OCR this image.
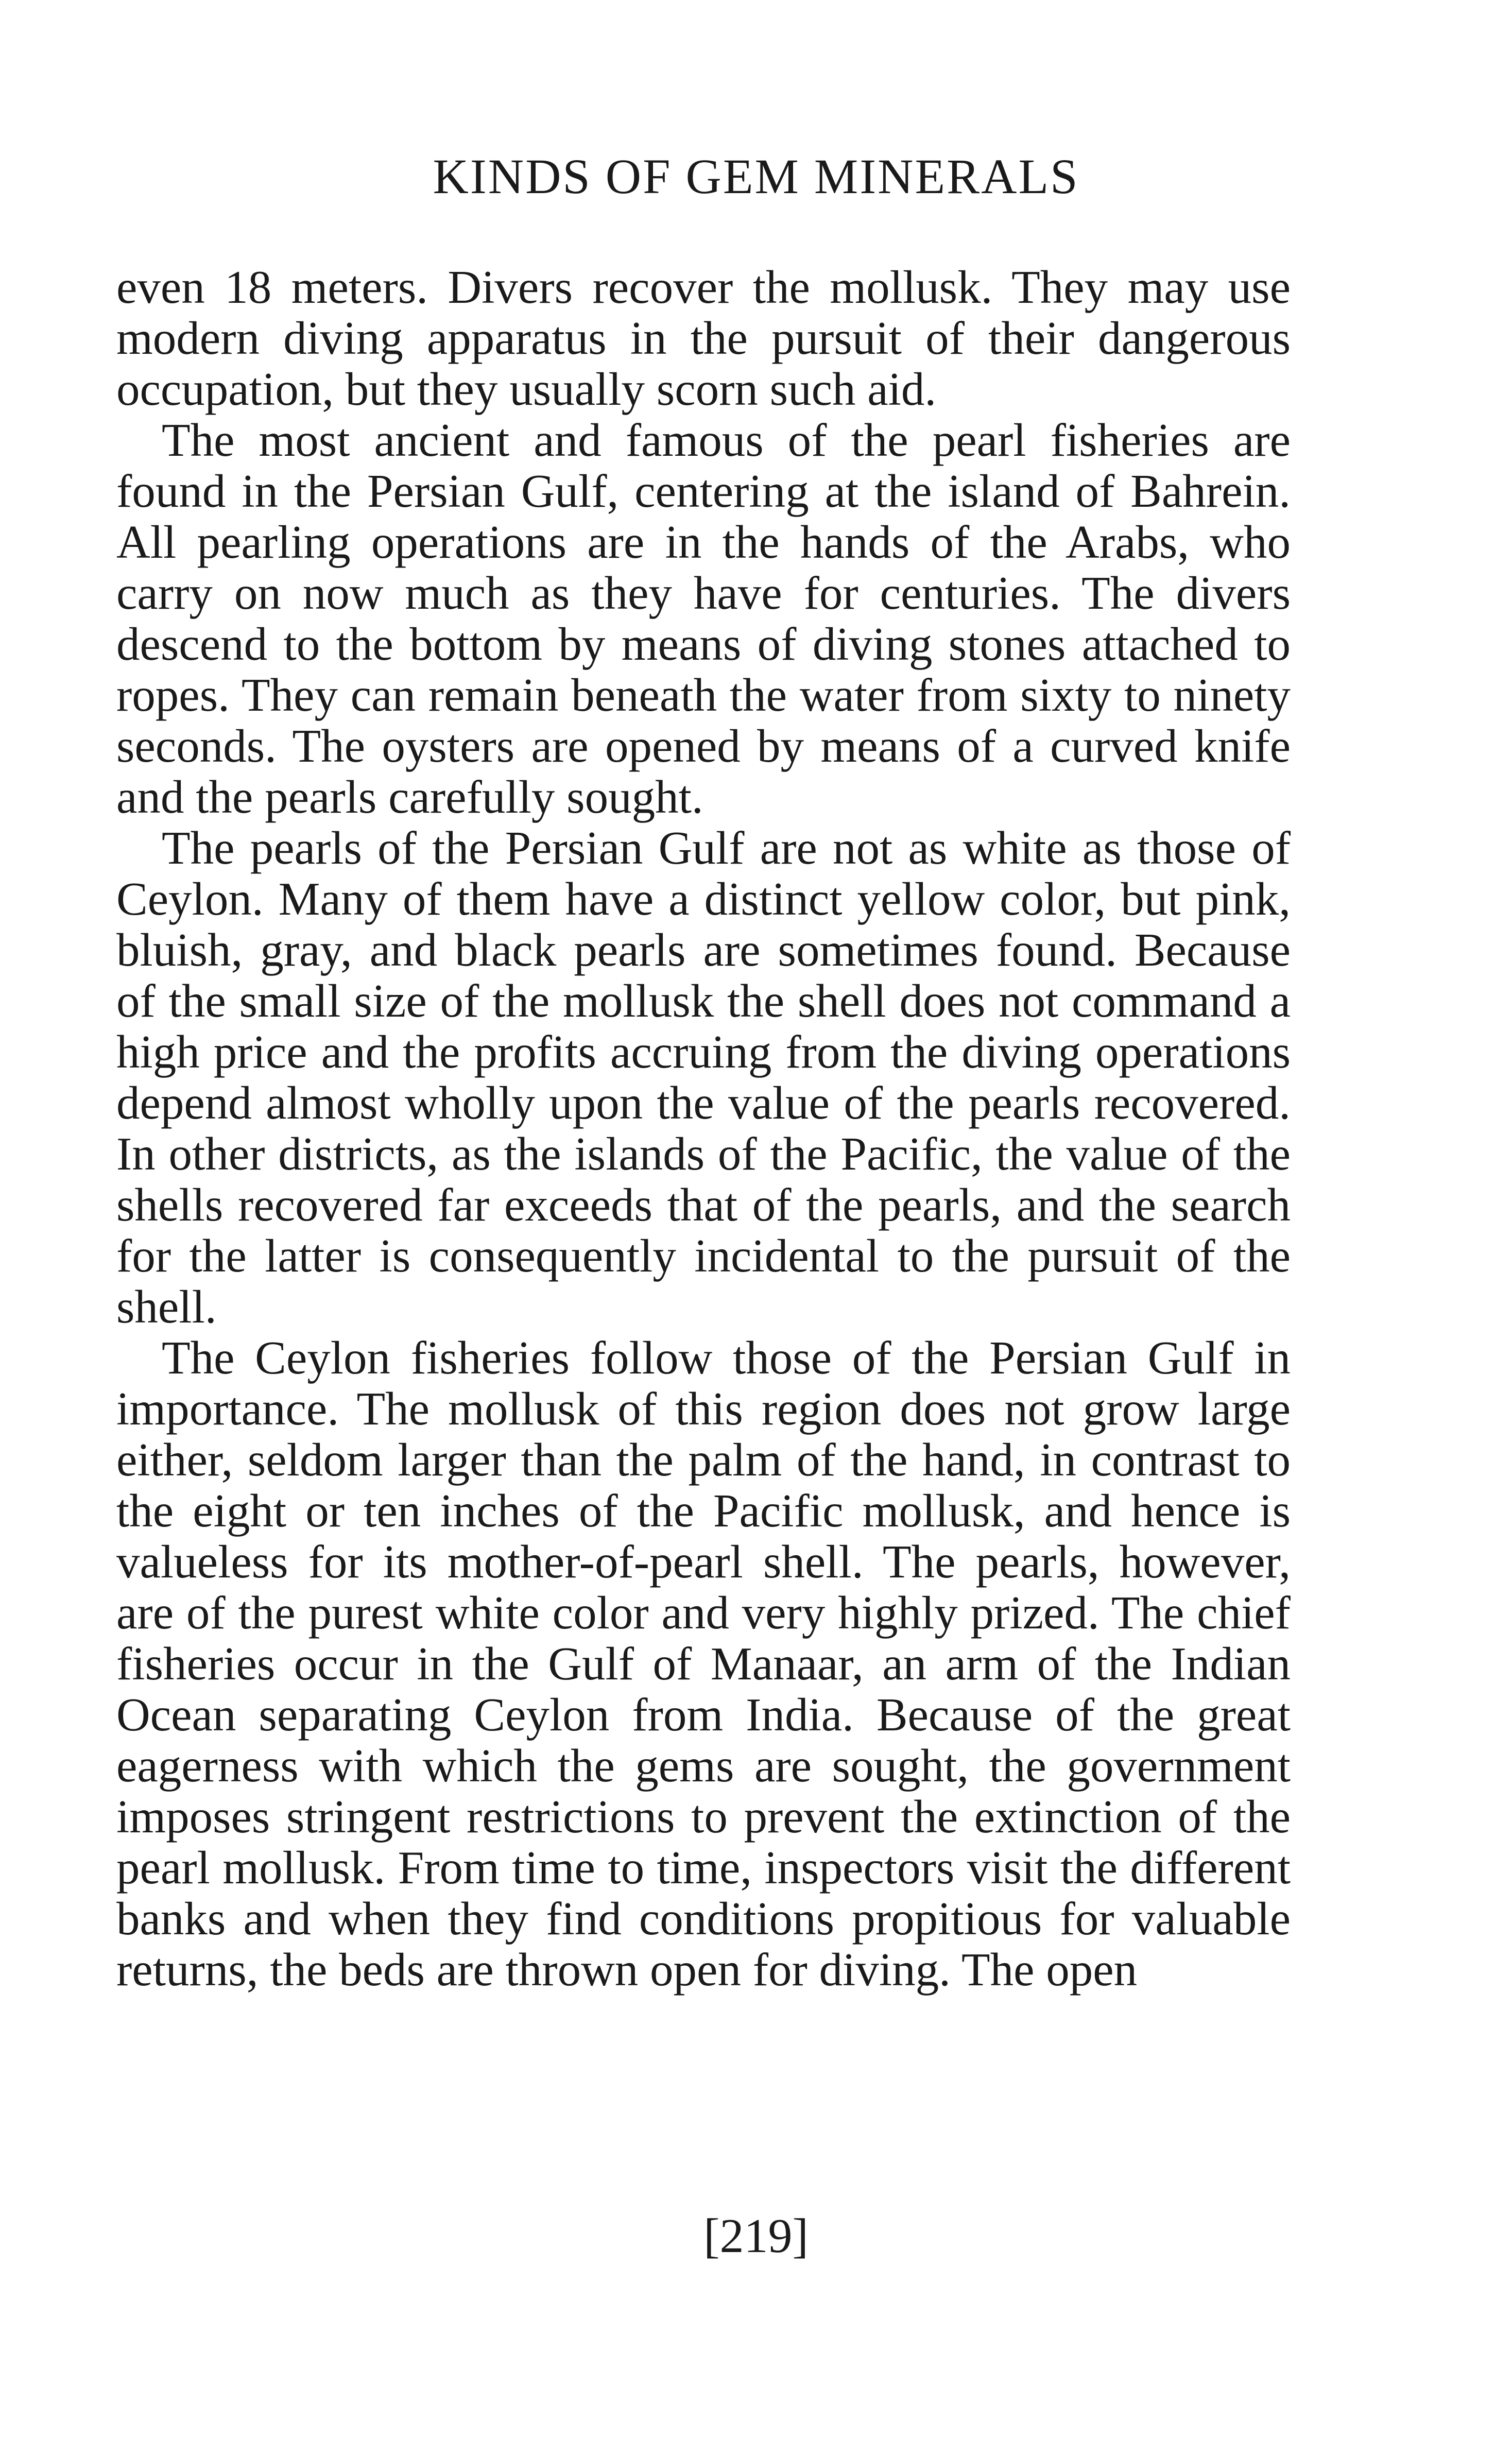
KINDS OF GEM MINERALS

even 18 meters. Divers recover the mollusk. They may use modern diving apparatus in the pursuit of their dangerous occupation, but they usually scorn such aid.

The most ancient and famous of the pearl fisheries are found in the Persian Gulf, centering at the island of Bahrein. All pearling operations are in the hands of the Arabs, who carry on now much as they have for centuries. The divers descend to the bottom by means of diving stones attached to ropes. They can remain beneath the water from sixty to ninety seconds. The oysters are opened by means of a curved knife and the pearls carefully sought.

The pearls of the Persian Gulf are not as white as those of Ceylon. Many of them have a distinct yellow color, but pink, bluish, gray, and black pearls are sometimes found. Because of the small size of the mollusk the shell does not command a high price and the profits accruing from the diving operations depend almost wholly upon the value of the pearls recovered. In other districts, as the islands of the Pacific, the value of the shells recovered far exceeds that of the pearls, and the search for the latter is consequently incidental to the pursuit of the shell.

The Ceylon fisheries follow those of the Persian Gulf in importance. The mollusk of this region does not grow large either, seldom larger than the palm of the hand, in contrast to the eight or ten inches of the Pacific mollusk, and hence is valueless for its mother-of-pearl shell. The pearls, however, are of the purest white color and very highly prized. The chief fisheries occur in the Gulf of Manaar, an arm of the Indian Ocean separating Ceylon from India. Because of the great eagerness with which the gems are sought, the government imposes stringent restrictions to prevent the extinction of the pearl mollusk. From time to time, inspectors visit the different banks and when they find conditions propitious for valuable returns, the beds are thrown open for diving. The open

[219]
